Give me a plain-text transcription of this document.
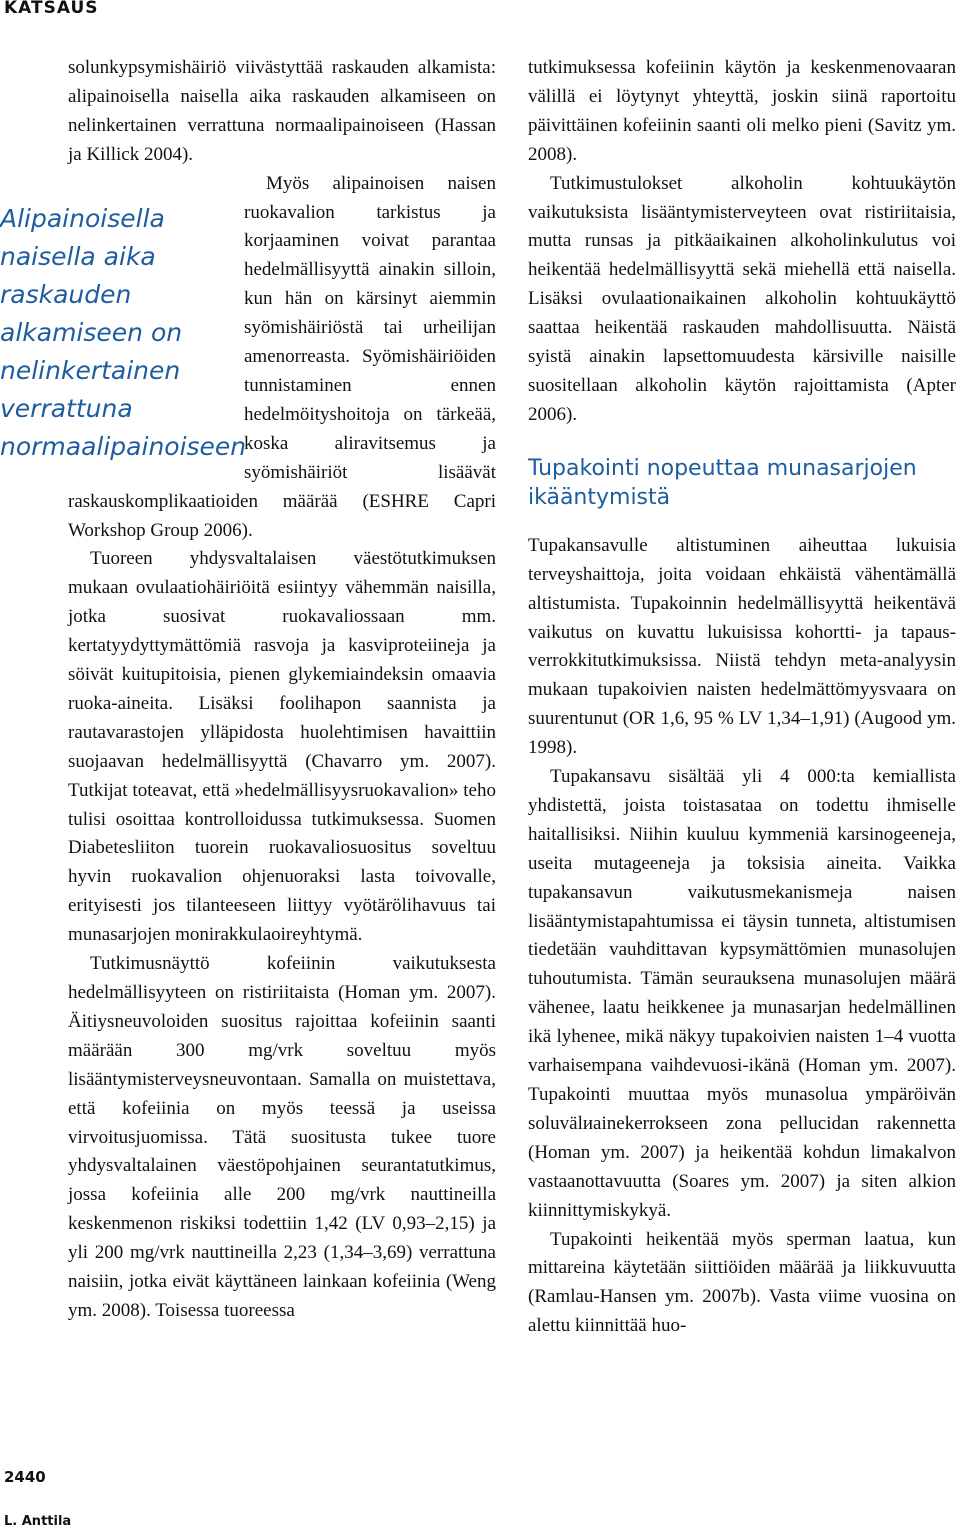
KATSAUS

solunkypsymishäiriö viivästyttää raskauden alkamista: alipainoisella naisella aika raskauden alkamiseen on nelinkertainen verrattuna normaalipainoiseen (Hassan ja Killick 2004).

Alipainoisella naisella aika raskauden alkamiseen on nelinkertainen verrattuna normaalipainoiseen

Myös alipainoisen naisen ruokavalion tarkistus ja korjaaminen voivat parantaa hedelmällisyyttä ainakin silloin, kun hän on kärsinyt aiemmin syömishäiriöstä tai urheilijan amenorreasta. Syömishäiriöiden tunnistaminen ennen hedelmöityshoitoja on tärkeää, koska aliravitsemus ja syömishäiriöt lisäävät raskauskomplikaatioiden määrää (ESHRE Capri Workshop Group 2006).

Tuoreen yhdysvaltalaisen väestötutkimuksen mukaan ovulaatiohäiriöitä esiintyy vähemmän naisilla, jotka suosivat ruokavaliossaan mm. kertatyydyttymättömiä rasvoja ja kasviproteiineja ja söivät kuitupitoisia, pienen glykemiaindeksin omaavia ruoka-aineita. Lisäksi foolihapon saannista ja rautavarastojen ylläpidosta huolehtimisen havaittiin suojaavan hedelmällisyyttä (Chavarro ym. 2007). Tutkijat toteavat, että »hedelmällisyysruokavalion» teho tulisi osoittaa kontrolloidussa tutkimuksessa. Suomen Diabetesliiton tuorein ruokavaliosuositus soveltuu hyvin ruokavalion ohjenuoraksi lasta toivovalle, erityisesti jos tilanteeseen liittyy vyötärölihavuus tai munasarjojen monirakkulaoireyhtymä.

Tutkimusnäyttö kofeiinin vaikutuksesta hedelmällisyyteen on ristiriitaista (Homan ym. 2007). Äitiysneuvoloiden suositus rajoittaa kofeiinin saanti määrään 300 mg/vrk soveltuu myös lisääntymisterveysneuvontaan. Samalla on muistettava, että kofeiinia on myös teessä ja useissa virvoitusjuomissa. Tätä suositusta tukee tuore yhdysvaltalainen väestöpohjainen seurantatutkimus, jossa kofeiinia alle 200 mg/vrk nauttineilla keskenmenon riskiksi todettiin 1,42 (LV 0,93–2,15) ja yli 200 mg/vrk nauttineilla 2,23 (1,34–3,69) verrattuna naisiin, jotka eivät käyttäneen lainkaan kofeiinia (Weng ym. 2008). Toisessa tuoreessa

tutkimuksessa kofeiinin käytön ja keskenmenovaaran välillä ei löytynyt yhteyttä, joskin siinä raportoitu päivittäinen kofeiinin saanti oli melko pieni (Savitz ym. 2008).

Tutkimustulokset alkoholin kohtuukäytön vaikutuksista lisääntymisterveyteen ovat ristiriitaisia, mutta runsas ja pitkäaikainen alkoholinkulutus voi heikentää hedelmällisyyttä sekä miehellä että naisella. Lisäksi ovulaationaikainen alkoholin kohtuukäyttö saattaa heikentää raskauden mahdollisuutta. Näistä syistä ainakin lapsettomuudesta kärsiville naisille suositellaan alkoholin käytön rajoittamista (Apter 2006).

Tupakointi nopeuttaa munasarjojen ikääntymistä

Tupakansavulle altistuminen aiheuttaa lukuisia terveyshaittoja, joita voidaan ehkäistä vähentämällä altistumista. Tupakoinnin hedelmällisyyttä heikentävä vaikutus on kuvattu lukuisissa kohortti- ja tapaus-verrokkitutkimuksissa. Niistä tehdyn meta-analyysin mukaan tupakoivien naisten hedelmättömyysvaara on suurentunut (OR 1,6, 95 % LV 1,34–1,91) (Augood ym. 1998).

Tupakansavu sisältää yli 4 000:ta kemiallista yhdistettä, joista toistasataa on todettu ihmiselle haitallisiksi. Niihin kuuluu kymmeniä karsinogeeneja, useita mutageeneja ja toksisia aineita. Vaikka tupakansavun vaikutusmekanismeja naisen lisääntymistapahtumissa ei täysin tunneta, altistumisen tiedetään vauhdittavan kypsymättömien munasolujen tuhoutumista. Tämän seurauksena munasolujen määrä vähenee, laatu heikkenee ja munasarjan hedelmällinen ikä lyhenee, mikä näkyy tupakoivien naisten 1–4 vuotta varhaisempana vaihdevuosi-ikänä (Homan ym. 2007). Tupakointi muuttaa myös munasolua ympäröivän soluvälиainekerrokseen zona pellucidan rakennetta (Homan ym. 2007) ja heikentää kohdun limakalvon vastaanottavuutta (Soares ym. 2007) ja siten alkion kiinnittymiskykyä.

Tupakointi heikentää myös sperman laatua, kun mittareina käytetään siittiöiden määrää ja liikkuvuutta (Ramlau-Hansen ym. 2007b). Vasta viime vuosina on alettu kiinnittää huo-

2440
L. Anttila
